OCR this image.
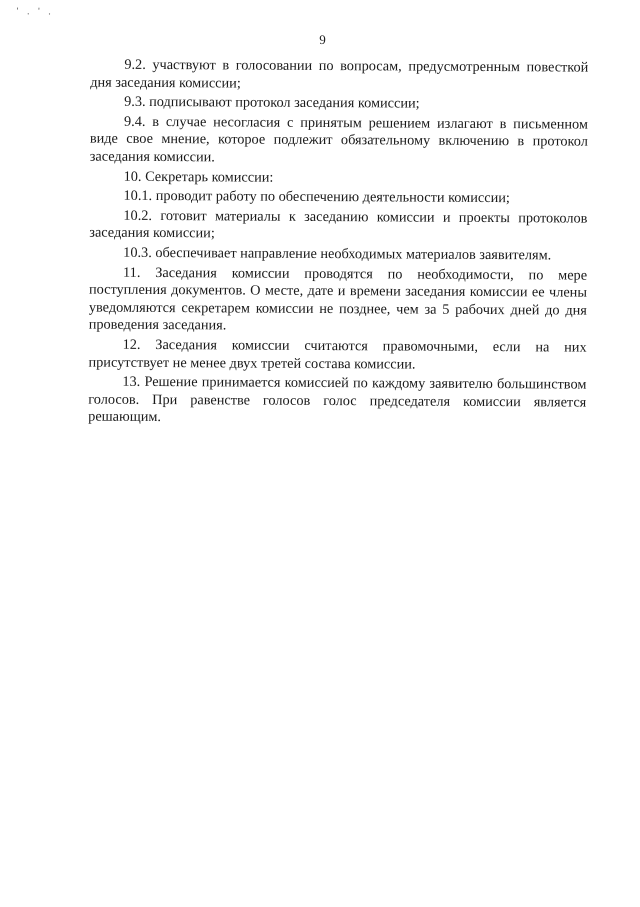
' . ' .
9

9.2. участвуют в голосовании по вопросам, предусмотренным повесткой дня заседания комиссии;

9.3. подписывают протокол заседания комиссии;

9.4. в случае несогласия с принятым решением излагают в письменном виде свое мнение, которое подлежит обязательному включению в протокол заседания комиссии.

10. Секретарь комиссии:

10.1. проводит работу по обеспечению деятельности комиссии;

10.2. готовит материалы к заседанию комиссии и проекты протоколов заседания комиссии;

10.3. обеспечивает направление необходимых материалов заявителям.

11. Заседания комиссии проводятся по необходимости, по мере поступления документов. О месте, дате и времени заседания комиссии ее члены уведомляются секретарем комиссии не позднее, чем за 5 рабочих дней до дня проведения заседания.

12. Заседания комиссии считаются правомочными, если на них присутствует не менее двух третей состава комиссии.

13. Решение принимается комиссией по каждому заявителю большинством голосов. При равенстве голосов голос председателя комиссии является решающим.
